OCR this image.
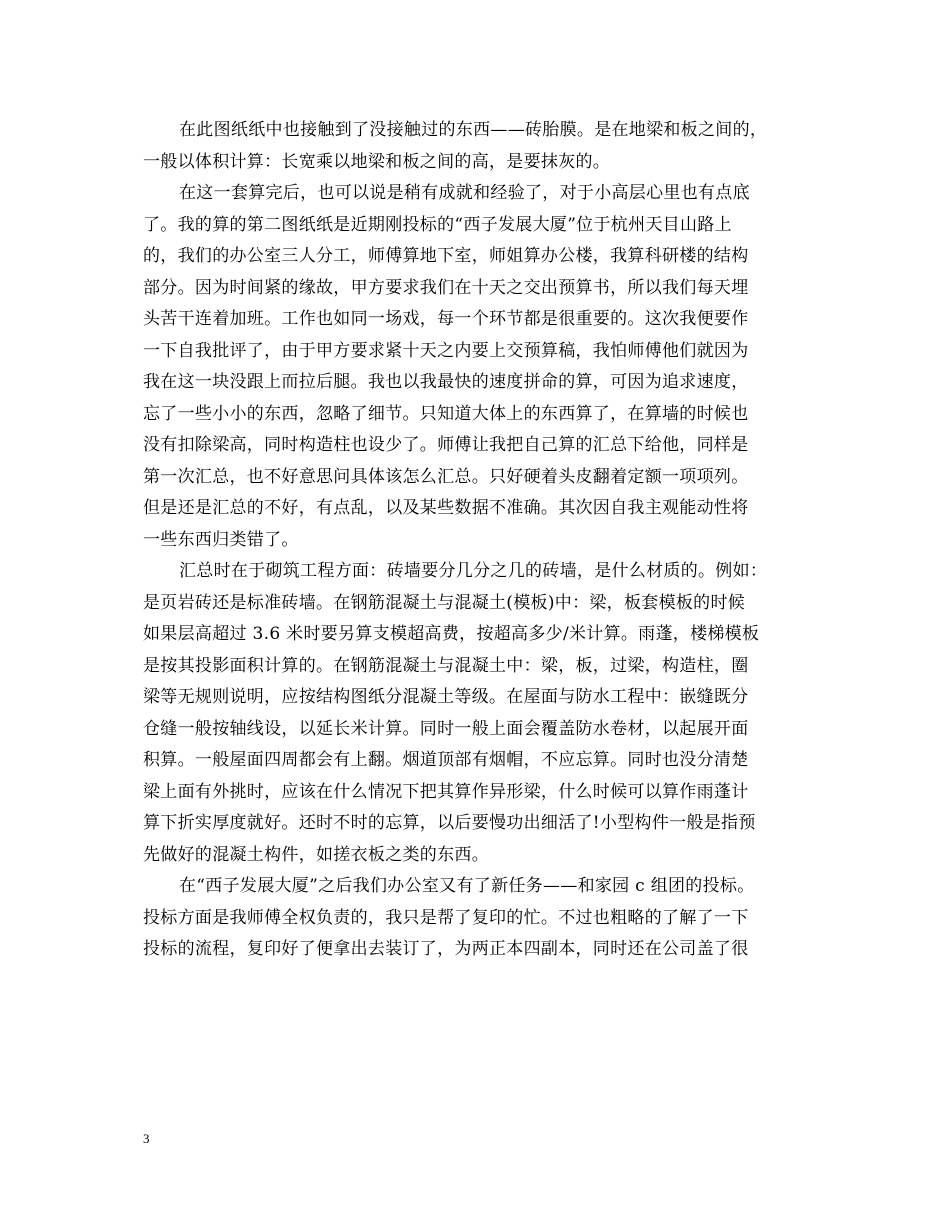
在此图纸纸中也接触到了没接触过的东西——砖胎膜。是在地梁和板之间的，
一般以体积计算：长宽乘以地梁和板之间的高，是要抹灰的。
在这一套算完后，也可以说是稍有成就和经验了，对于小高层心里也有点底
了。我的算的第二图纸纸是近期刚投标的“西子发展大厦”位于杭州天目山路上
的，我们的办公室三人分工，师傅算地下室，师姐算办公楼，我算科研楼的结构
部分。因为时间紧的缘故，甲方要求我们在十天之交出预算书，所以我们每天埋
头苦干连着加班。工作也如同一场戏，每一个环节都是很重要的。这次我便要作
一下自我批评了，由于甲方要求紧十天之内要上交预算稿，我怕师傅他们就因为
我在这一块没跟上而拉后腿。我也以我最快的速度拼命的算，可因为追求速度，
忘了一些小小的东西，忽略了细节。只知道大体上的东西算了，在算墙的时候也
没有扣除梁高，同时构造柱也设少了。师傅让我把自己算的汇总下给他，同样是
第一次汇总，也不好意思问具体该怎么汇总。只好硬着头皮翻着定额一项项列。
但是还是汇总的不好，有点乱，以及某些数据不准确。其次因自我主观能动性将
一些东西归类错了。
汇总时在于砌筑工程方面：砖墙要分几分之几的砖墙，是什么材质的。例如：
是页岩砖还是标准砖墙。在钢筋混凝土与混凝土(模板)中：梁，板套模板的时候
如果层高超过 3.6 米时要另算支模超高费，按超高多少/米计算。雨蓬，楼梯模板
是按其投影面积计算的。在钢筋混凝土与混凝土中：梁，板，过梁，构造柱，圈
梁等无规则说明，应按结构图纸分混凝土等级。在屋面与防水工程中：嵌缝既分
仓缝一般按轴线设，以延长米计算。同时一般上面会覆盖防水卷材，以起展开面
积算。一般屋面四周都会有上翻。烟道顶部有烟帽，不应忘算。同时也没分清楚
梁上面有外挑时，应该在什么情况下把其算作异形梁，什么时候可以算作雨蓬计
算下折实厚度就好。还时不时的忘算，以后要慢功出细活了!小型构件一般是指预
先做好的混凝土构件，如搓衣板之类的东西。
在“西子发展大厦”之后我们办公室又有了新任务——和家园 c 组团的投标。
投标方面是我师傅全权负责的，我只是帮了复印的忙。不过也粗略的了解了一下
投标的流程，复印好了便拿出去装订了，为两正本四副本，同时还在公司盖了很
3
